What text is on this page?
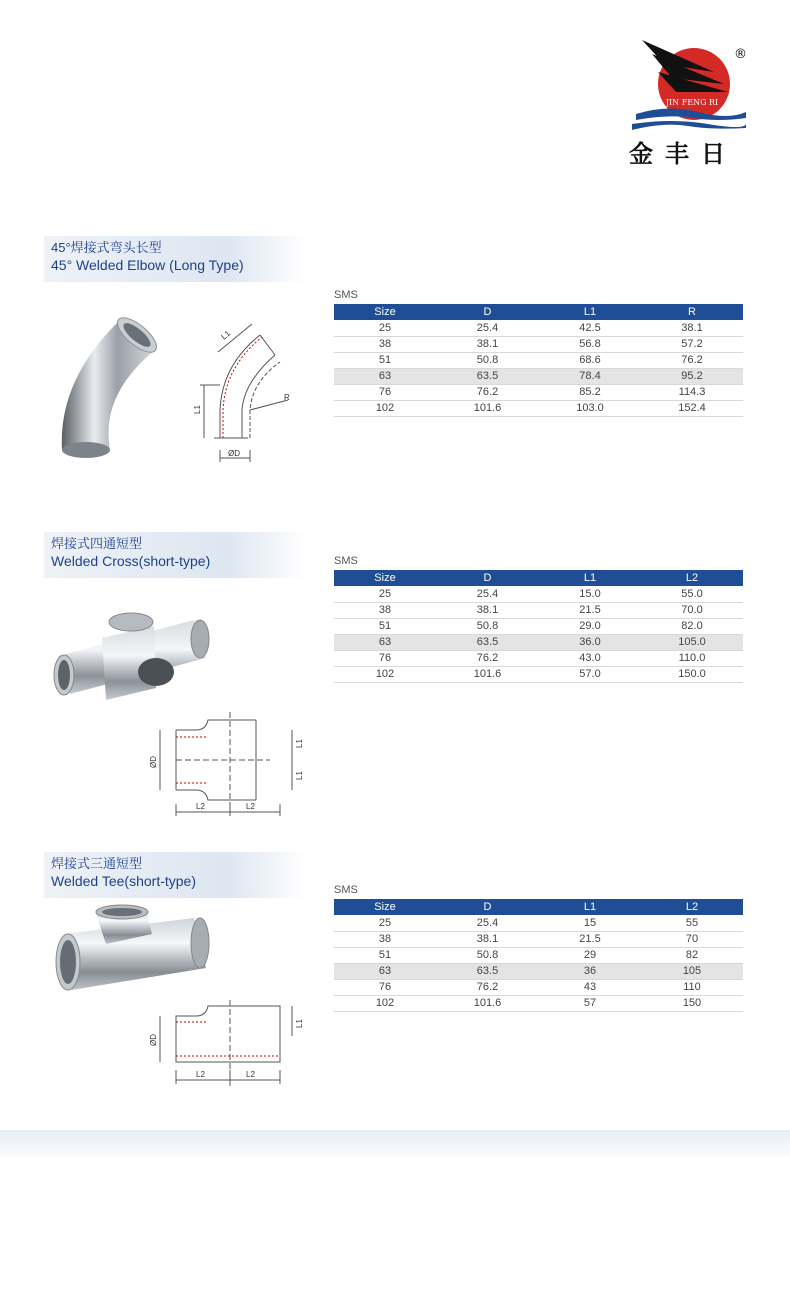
JIN FENG RI
®
金丰日
45°焊接式弯头长型
45° Welded Elbow (Long Type)
L1
L1
R
ØD
SMS
Size	D	L1	R
25	25.4	42.5	38.1
38	38.1	56.8	57.2
51	50.8	68.6	76.2
63	63.5	78.4	95.2
76	76.2	85.2	114.3
102	101.6	103.0	152.4
焊接式四通短型
Welded Cross(short-type)
ØD
L1
L1
L2	L2
SMS
Size	D	L1	L2
25	25.4	15.0	55.0
38	38.1	21.5	70.0
51	50.8	29.0	82.0
63	63.5	36.0	105.0
76	76.2	43.0	110.0
102	101.6	57.0	150.0
焊接式三通短型
Welded Tee(short-type)
ØD
L1
L2	L2
SMS
Size	D	L1	L2
25	25.4	15	55
38	38.1	21.5	70
51	50.8	29	82
63	63.5	36	105
76	76.2	43	110
102	101.6	57	150
